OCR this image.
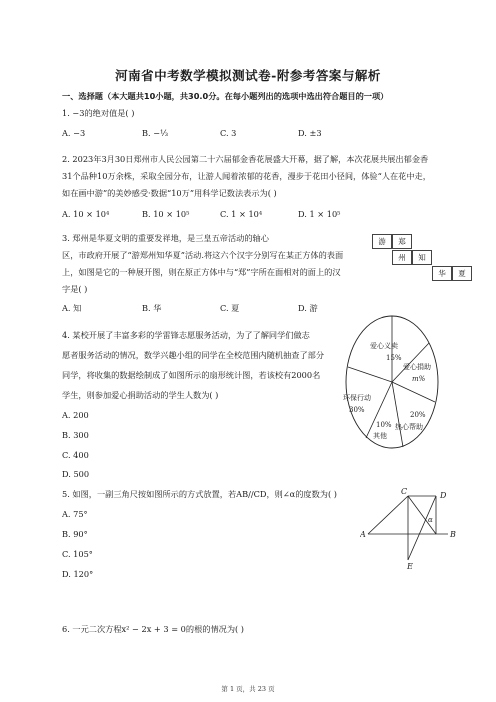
河南省中考数学模拟测试卷-附参考答案与解析
一、选择题（本大题共10小题，共30.0分。在每小题列出的选项中选出符合题目的一项）
1. −3的绝对值是( )
A. −3	B. −⅓	C. 3	D. ±3
2. 2023年3月30日郑州市人民公园第二十六届郁金香花展盛大开幕，据了解，本次花展共展出郁金香
31个品种10万余株，采取全园分布，让游人闻着浓郁的花香，漫步于花田小径间，体验“人在花中走，
如在画中游”的美妙感受·数据“10万”用科学记数法表示为( )
A. 10 × 10⁴	B. 10 × 10⁵	C. 1 × 10⁴	D. 1 × 10⁵
3. 郑州是华夏文明的重要发祥地，是三皇五帝活动的轴心
区，市政府开展了“游郑州知华夏”活动.将这六个汉字分别写在某正方体的表面
上，如图是它的一种展开图，则在原正方体中与“郑”字所在面相对的面上的汉
字是( )
A. 知	B. 华	C. 夏	D. 游
游	郑
州	知
华	夏
4. 某校开展了丰富多彩的学雷锋志愿服务活动，为了了解同学们做志
愿者服务活动的情况，数学兴趣小组的同学在全校范围内随机抽查了部分
同学，将收集的数据绘制成了如图所示的扇形统计图，若该校有2000名
学生，则参加爱心捐助活动的学生人数为( )
A. 200
B. 300
C. 400
D. 500
爱心义卖
15%
爱心捐助
m%
环保行动
30%
20%
热心帮助
10%
其他
5. 如图，一副三角尺按如图所示的方式放置，若AB//CD，则∠α的度数为( )
A. 75°
B. 90°
C. 105°
D. 120°
C	D
α
A	B
E
6. 一元二次方程x² − 2x + 3 = 0的根的情况为( )
第 1 页，共 23 页
